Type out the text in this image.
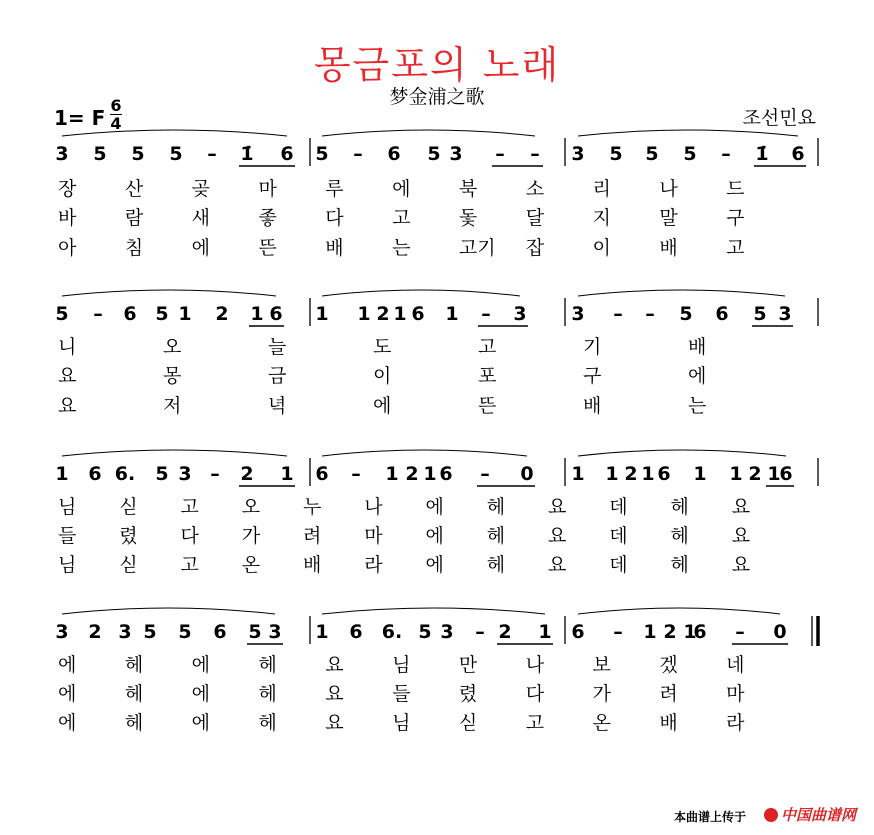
몽금포의 노래
梦金浦之歌
1= F
6
4	조선민요
3 5 5 5 – 1̇ 6 5 – 6 5 3 – – 3 5 5 5 – 1̇ 6
5 – 6 5 1 2 1 6 1 1 2 1 6 1 – 3 3 – – 5 6 5 3
1 6 6. 5 3 – 2 1 6 – 1 2 1 6 – 0 1 1 2 1 6 1 1 2 1
6
3 2 3 5 5 6 5 3 1 6 6. 5 3 – 2 1 6 – 1 2 1
6 – 0
장	산	곶	마	루	에	북	소	리	나	드
바	람	새	좋	다	고	돛	달	지	말	구
아	침	에	뜬	배	는	고기 잡	이	배	고
니	오	늘	도	고	기	배
요	몽	금	이	포	구	에
요	저	녁	에	뜬	배	는
님 싣 고 오 누 나 에 헤 요 데 헤 요
들 렸 다 가 려 마 에 헤 요 데 헤 요
님 싣 고 온 배 라 에 헤 요 데 헤 요
에	헤	에	헤	요	님	만	나	보	겠	네
에	헤	에	헤	요	들	렸	다	가	려	마
에	헤	에	헤	요	님	싣	고	온	배	라
本曲谱上传于	中国曲谱网
